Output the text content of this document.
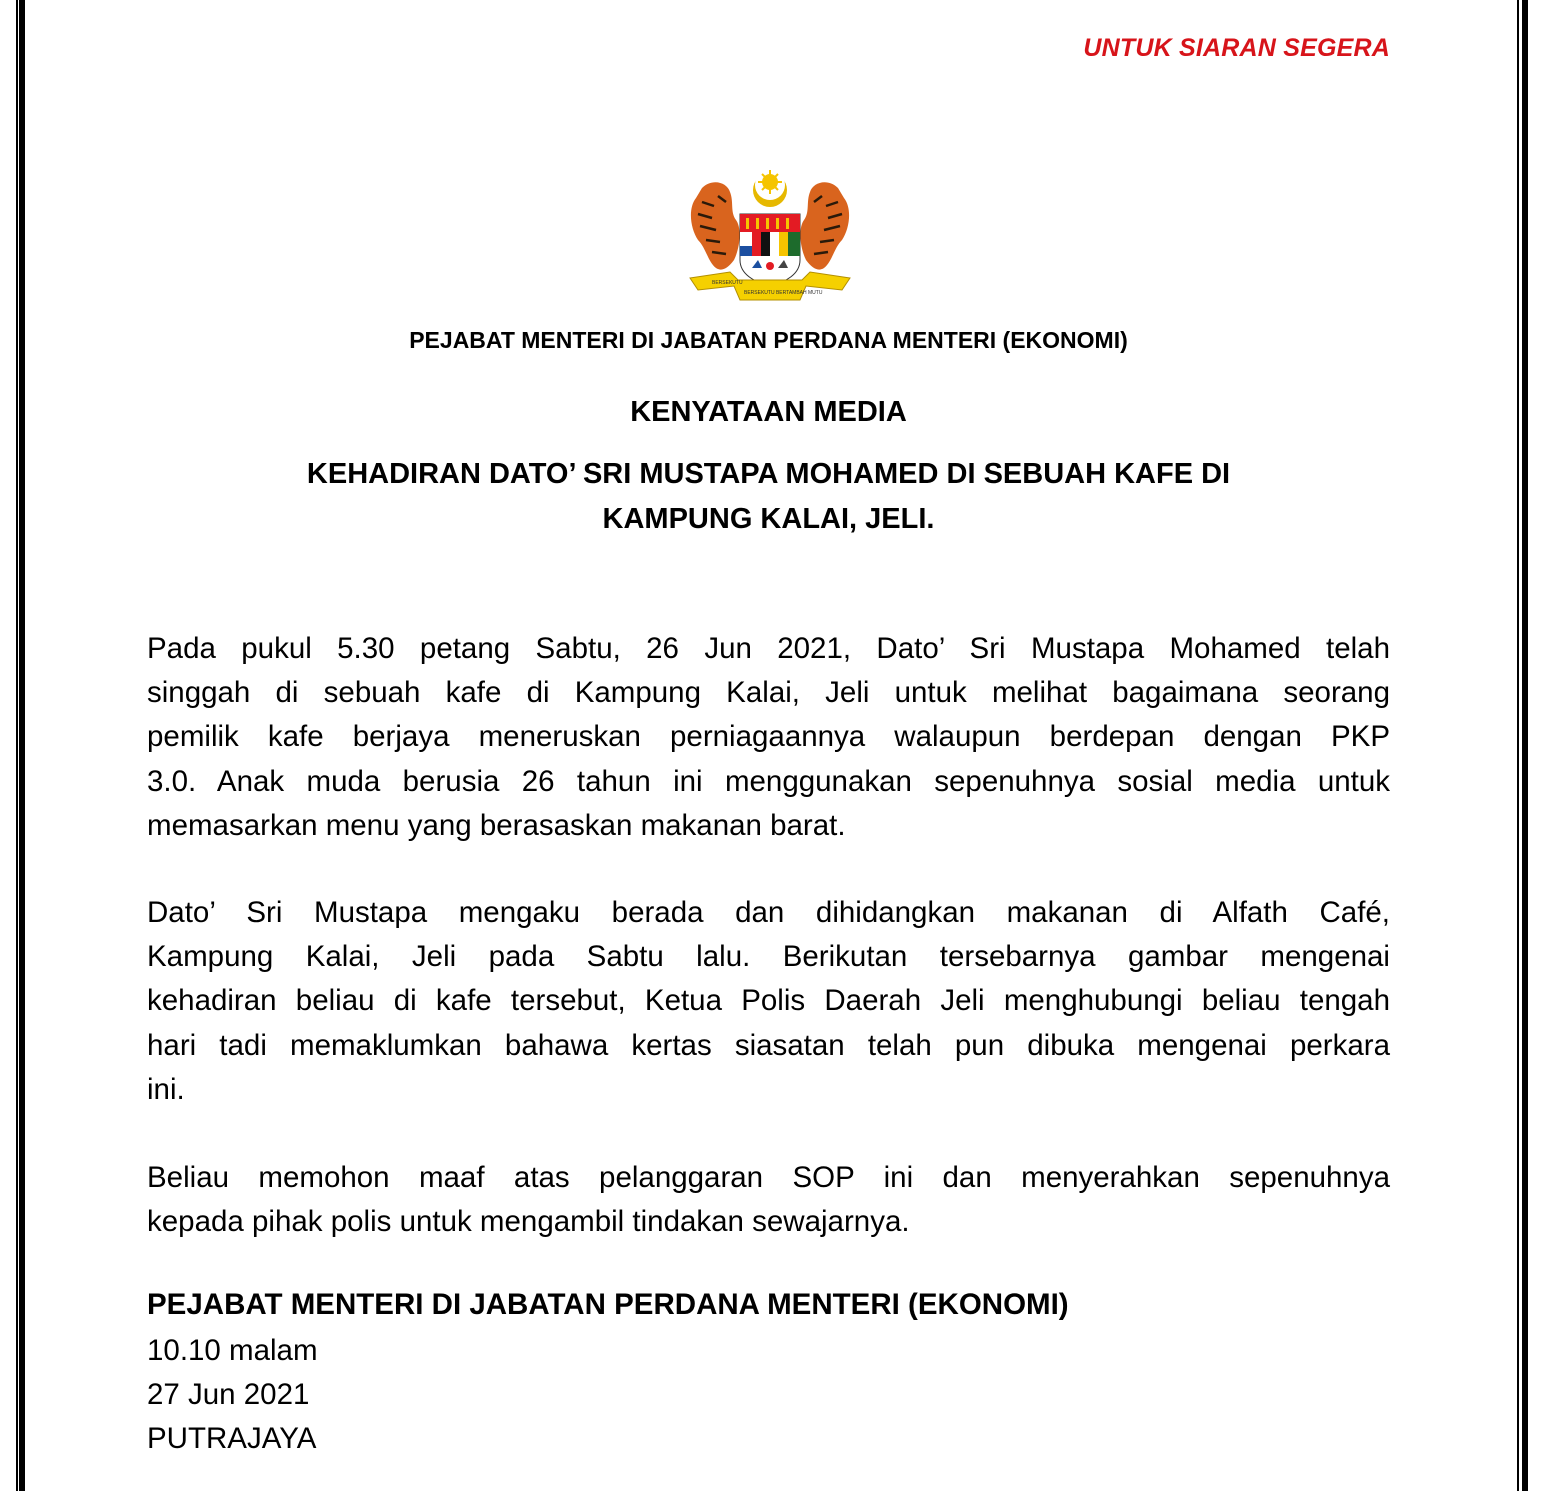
UNTUK SIARAN SEGERA
BERSEKUTU
BERSEKUTU BERTAMBAH MUTU
PEJABAT MENTERI DI JABATAN PERDANA MENTERI (EKONOMI)
KENYATAAN MEDIA
KEHADIRAN DATO’ SRI MUSTAPA MOHAMED DI SEBUAH KAFE DI
KAMPUNG KALAI, JELI.
Pada pukul 5.30 petang Sabtu, 26 Jun 2021, Dato’ Sri Mustapa Mohamed telah
singgah di sebuah kafe di Kampung Kalai, Jeli untuk melihat bagaimana seorang
pemilik kafe berjaya meneruskan perniagaannya walaupun berdepan dengan PKP
3.0. Anak muda berusia 26 tahun ini menggunakan sepenuhnya sosial media untuk
memasarkan menu yang berasaskan makanan barat.
Dato’ Sri Mustapa mengaku berada dan dihidangkan makanan di Alfath Café,
Kampung Kalai, Jeli pada Sabtu lalu. Berikutan tersebarnya gambar mengenai
kehadiran beliau di kafe tersebut, Ketua Polis Daerah Jeli menghubungi beliau tengah
hari tadi memaklumkan bahawa kertas siasatan telah pun dibuka mengenai perkara
ini.
Beliau memohon maaf atas pelanggaran SOP ini dan menyerahkan sepenuhnya
kepada pihak polis untuk mengambil tindakan sewajarnya.
PEJABAT MENTERI DI JABATAN PERDANA MENTERI (EKONOMI)
10.10 malam
27 Jun 2021
PUTRAJAYA
